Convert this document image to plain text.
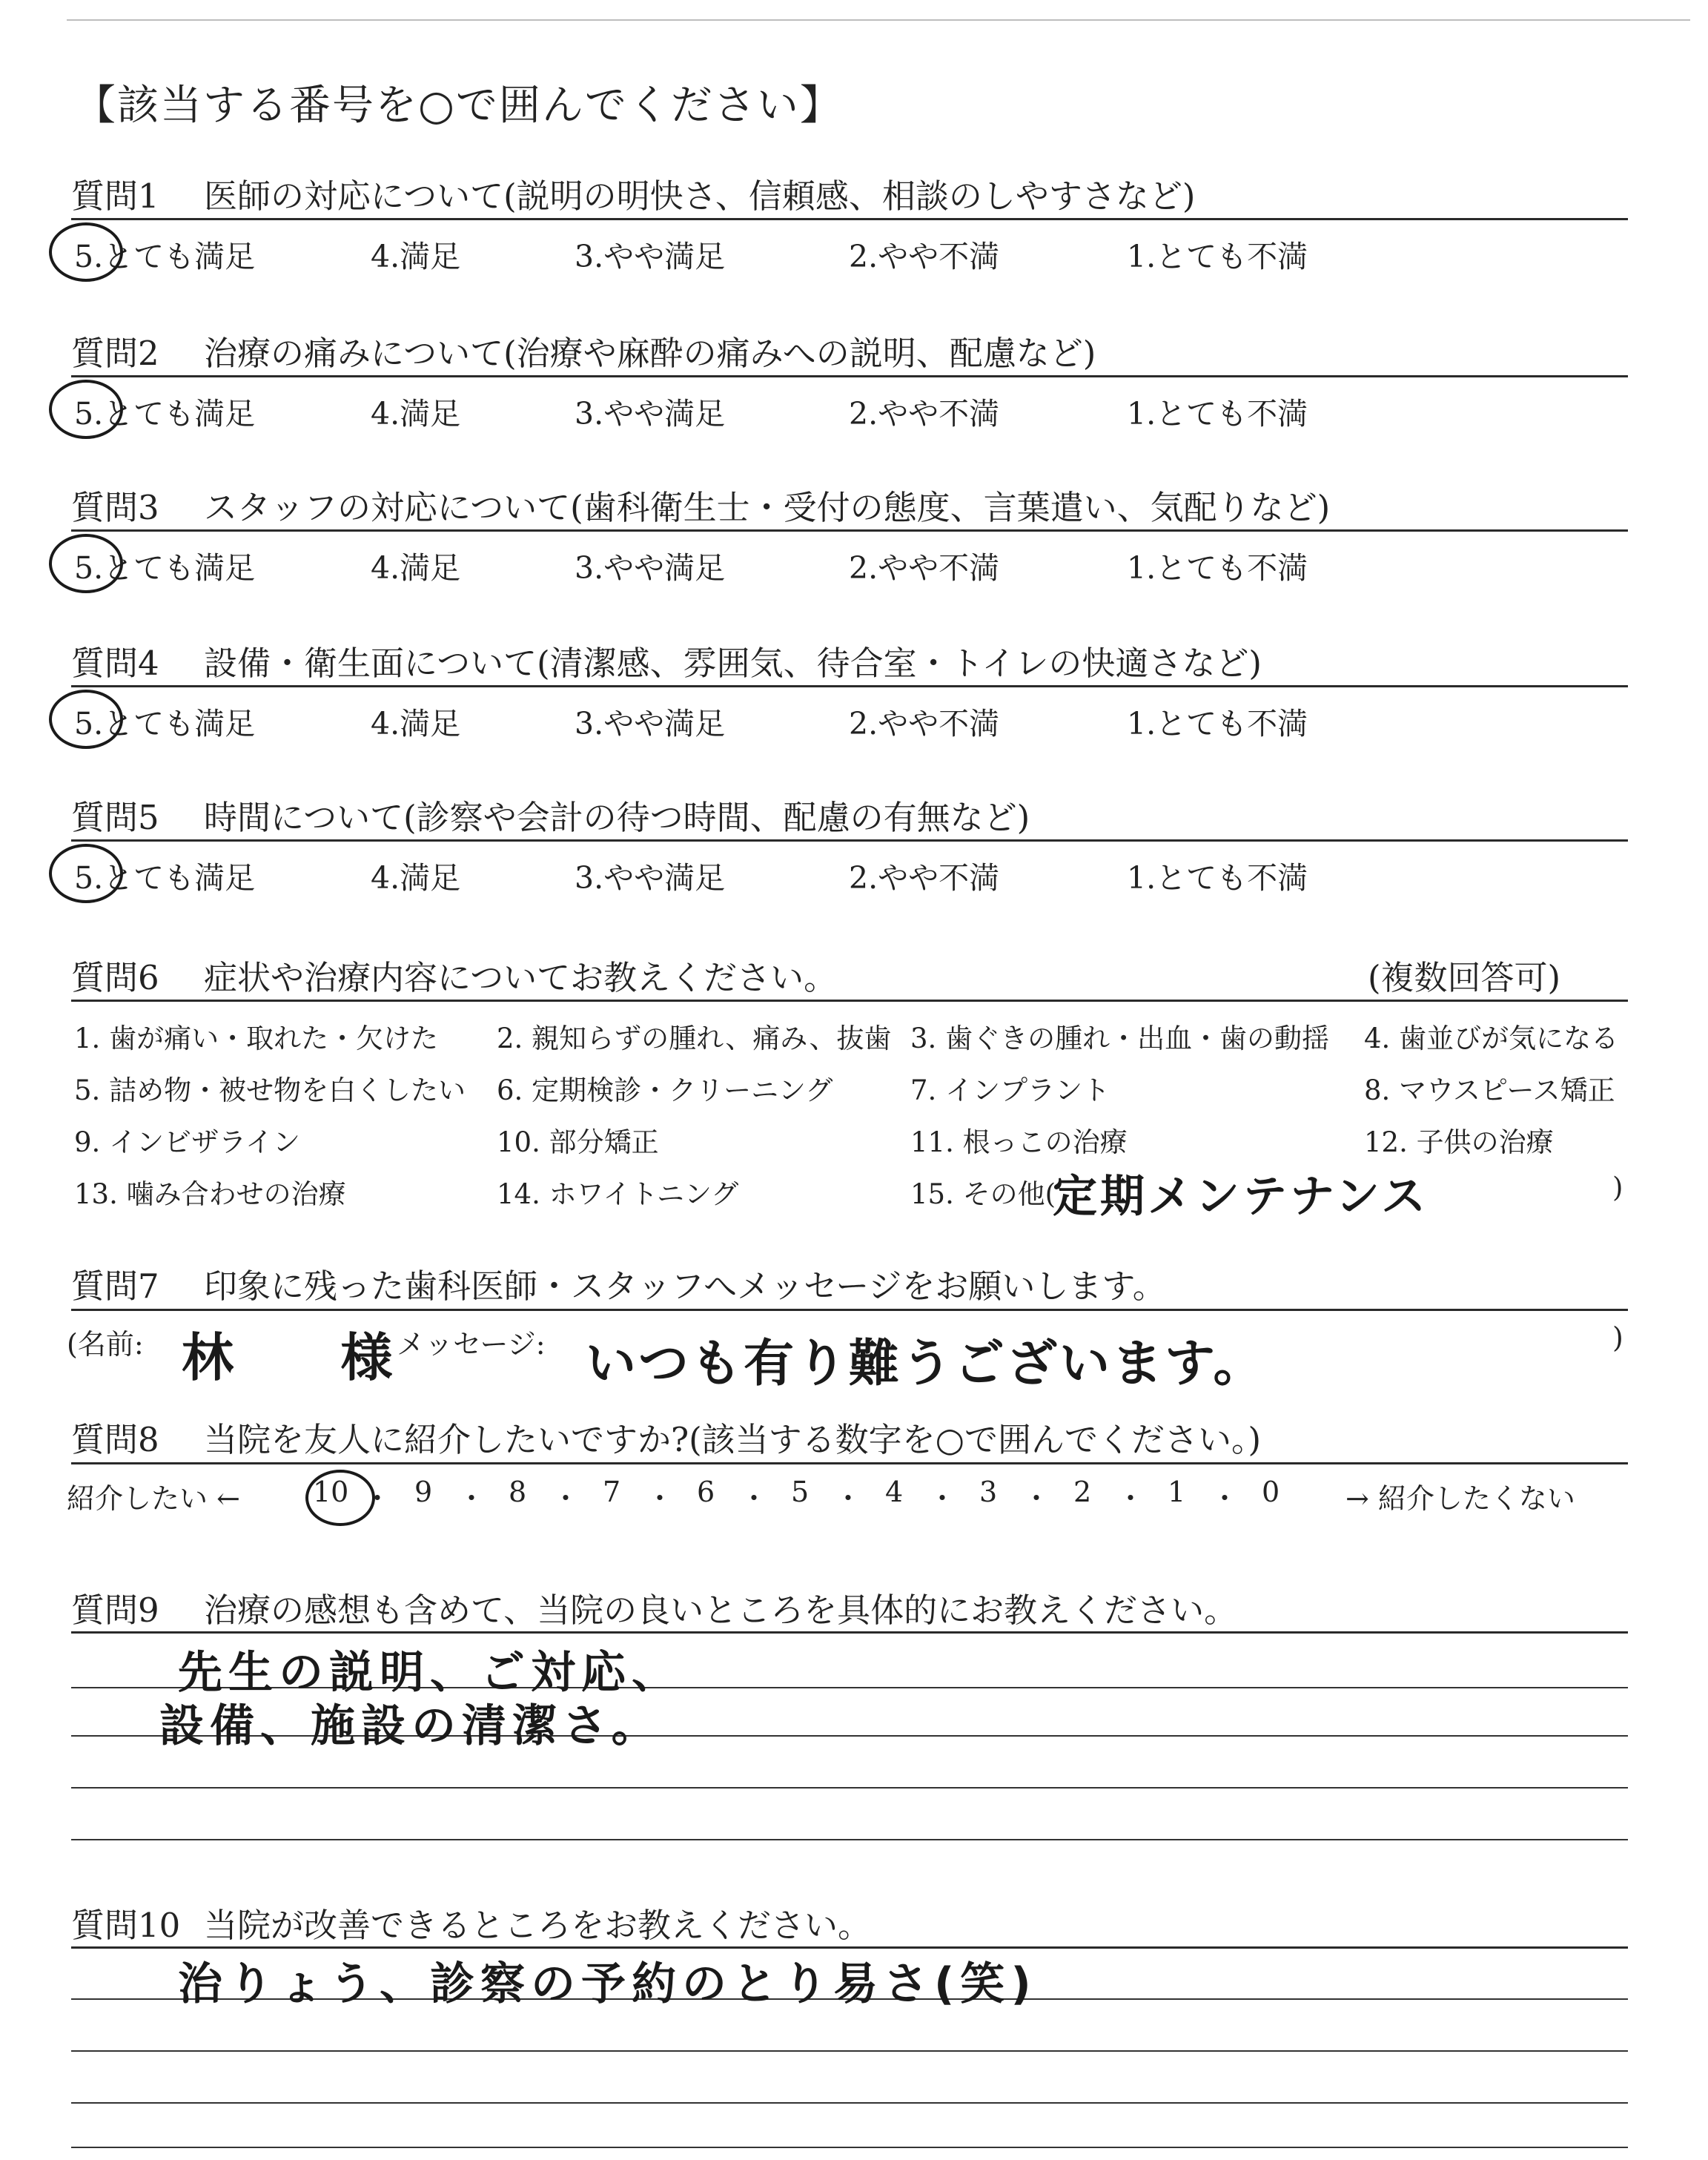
【該当する番号を○で囲んでください】
質問1 医師の対応について(説明の明快さ、信頼感、相談のしやすさなど)
5.とても満足	4.満足	3.やや満足	2.やや不満	1.とても不満
質問2 治療の痛みについて(治療や麻酔の痛みへの説明、配慮など)
5.とても満足	4.満足	3.やや満足	2.やや不満	1.とても不満
質問3 スタッフの対応について(歯科衛生士・受付の態度、言葉遣い、気配りなど)
5.とても満足	4.満足	3.やや満足	2.やや不満	1.とても不満
質問4 設備・衛生面について(清潔感、雰囲気、待合室・トイレの快適さなど)
5.とても満足	4.満足	3.やや満足	2.やや不満	1.とても不満
質問5 時間について(診察や会計の待つ時間、配慮の有無など)
5.とても満足	4.満足	3.やや満足	2.やや不満	1.とても不満
質問6 症状や治療内容についてお教えください。	(複数回答可)
1. 歯が痛い・取れた・欠けた 2. 親知らずの腫れ、痛み、抜歯 3. 歯ぐきの腫れ・出血・歯の動揺 4. 歯並びが気になる
5. 詰め物・被せ物を白くしたい 6. 定期検診・クリーニング	7. インプラント	8. マウスピース矯正
9. インビザライン	10. 部分矯正	11. 根っこの治療	12. 子供の治療
13. 噛み合わせの治療	14. ホワイトニング	15. その他(
定期メンテナンス	)
質問7 印象に残った歯科医師・スタッフへメッセージをお願いします。
(名前: 林 様
メッセージ: いつも有り難うございます。	)
質問8 当院を友人に紹介したいですか?(該当する数字を○で囲んでください。)
紹介したい ←	10 ・ 9 ・ 8 ・ 7 ・ 6 ・ 5 ・ 4 ・ 3 ・ 2 ・ 1 ・ 0 → 紹介したくない
質問9 治療の感想も含めて、当院の良いところを具体的にお教えください。
先生の説明、ご対応、
設備、施設の清潔さ。
質問10 当院が改善できるところをお教えください。
治りょう、診察の予約のとり易さ(笑)
